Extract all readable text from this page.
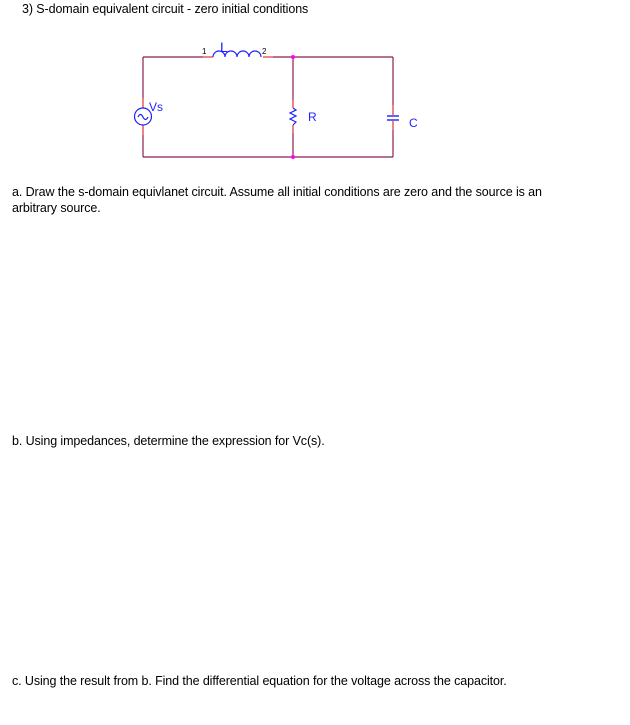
3) S-domain equivalent circuit - zero initial conditions
L
1	2
Vs
R	C
a. Draw the s-domain equivlanet circuit. Assume all initial conditions are zero and the source is an
arbitrary source.
b. Using impedances, determine the expression for Vc(s).
c. Using the result from b. Find the differential equation for the voltage across the capacitor.
